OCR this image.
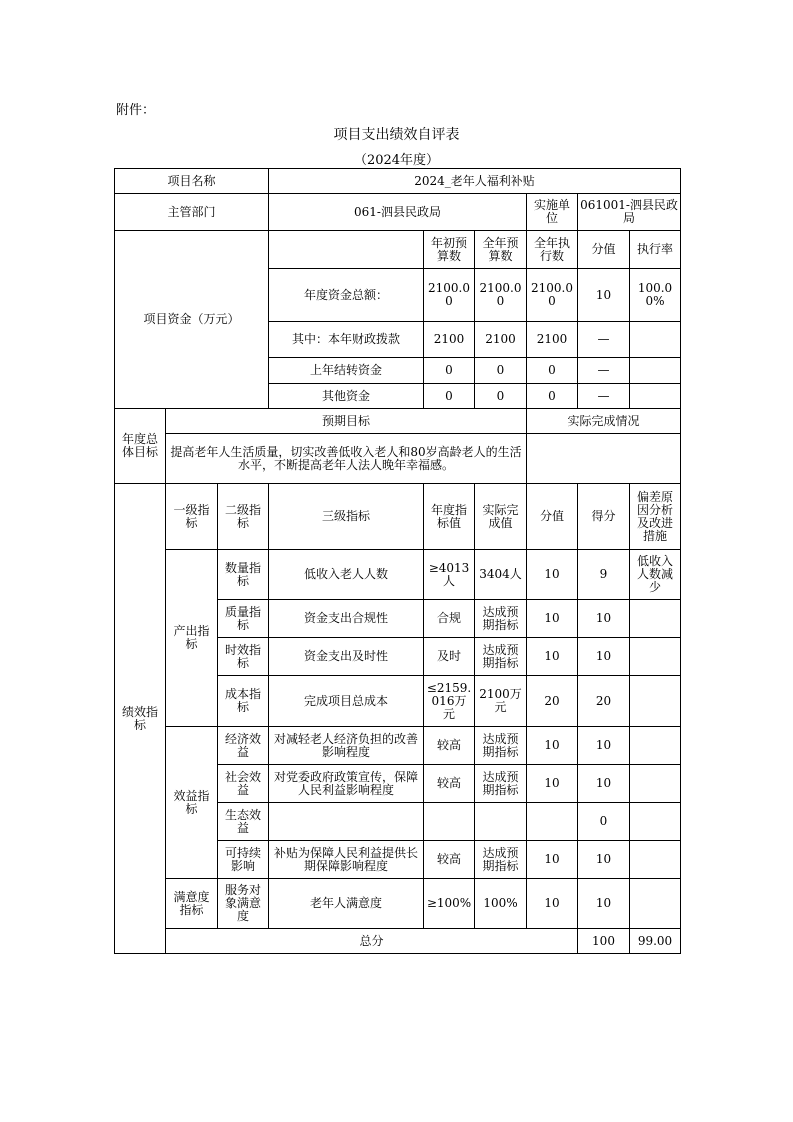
附件：
项目支出绩效自评表
（2024年度）
项目名称			2024_老年人福利补贴						
主管部门			061-泗县民政局			实施单位	061001-泗县民政局		
项目资金（万元）				年初预算数	全年预算数	全年执行数	分值	执行率	
			年度资金总额：	2100.00	2100.00	2100.00	10	100.00%	
			其中：本年财政拨款	2100	2100	2100	—		
			上年结转资金	0	0	0	—		
			其他资金	0	0	0	—		
年度总体目标	预期目标					实际完成情况			
	提高老年人生活质量，切实改善低收入老人和80岁高龄老人的生活水平，不断提高老年人法人晚年幸福感。								
绩效指标	一级指标	二级指标	三级指标	年度指标值	实际完成值	分值	得分	偏差原因分析及改进措施	
	产出指标	数量指标	低收入老人人数	≥4013人	3404人	10	9	低收入人数减少	
		质量指标	资金支出合规性	合规	达成预期指标	10	10		
		时效指标	资金支出及时性	及时	达成预期指标	10	10		
		成本指标	完成项目总成本	≤2159.016万元	2100万元	20	20		
	效益指标	经济效益	对减轻老人经济负担的改善影响程度	较高	达成预期指标	10	10		
		社会效益	对党委政府政策宣传，保障人民利益影响程度	较高	达成预期指标	10	10		
		生态效益					0		
		可持续影响	补贴为保障人民利益提供长期保障影响程度	较高	达成预期指标	10	10		
	满意度指标	服务对象满意度	老年人满意度	≥100%	100%	10	10		
	总分						100	99.00	
